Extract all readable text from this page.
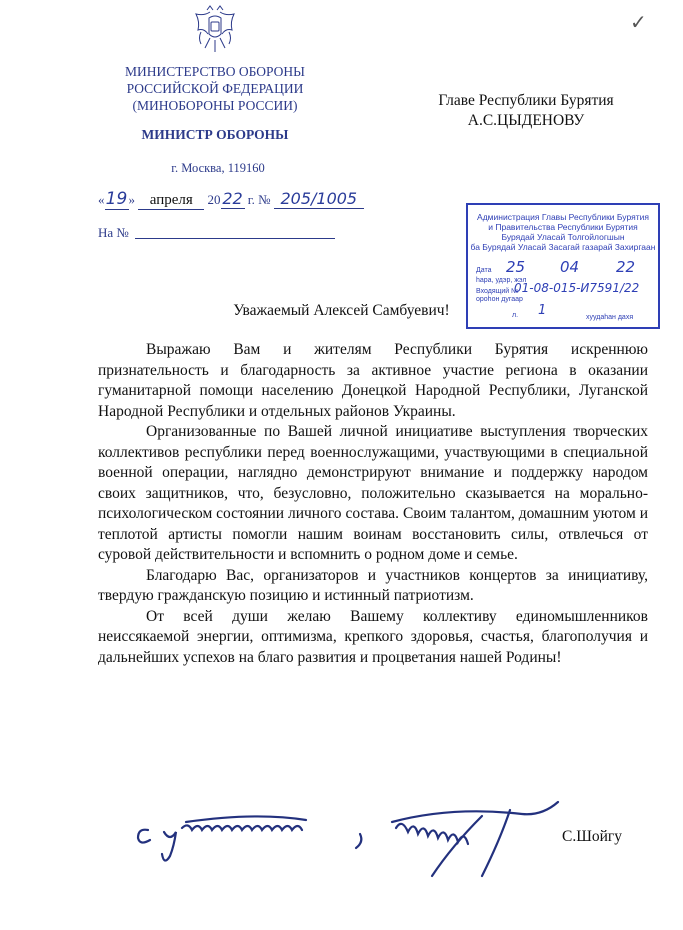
МИНИСТЕРСТВО ОБОРОНЫ
РОССИЙСКОЙ ФЕДЕРАЦИИ
(МИНОБОРОНЫ РОССИИ)
МИНИСТР ОБОРОНЫ
г. Москва, 119160
«19» апреля 20 22 г. № 205/1005
На №
Главе Республики Бурятия
А.С.ЦЫДЕНОВУ
Администрация Главы Республики Бурятия
и Правительства Республики Бурятия
Бурядай Уласай Толгойлогшын
ба Бурядай Уласай Засагай газарай Захиргаан
Дата 25 04 22
һара, удэр, жэл
Входящий №
ороһон дугаар
01-08-015-И7591/22
л. 1	хуудаһан дахя
Уважаемый Алексей Самбуевич!

Выражаю Вам и жителям Республики Бурятия искреннюю признательность и благодарность за активное участие региона в оказании гуманитарной помощи населению Донецкой Народной Республики, Луганской Народной Республики и отдельных районов Украины.

Организованные по Вашей личной инициативе выступления творческих коллективов республики перед военнослужащими, участвующими в специальной военной операции, наглядно демонстрируют внимание и поддержку народом своих защитников, что, безусловно, положительно сказывается на морально-психологическом состоянии личного состава. Своим талантом, домашним уютом и теплотой артисты помогли нашим воинам восстановить силы, отвлечься от суровой действительности и вспомнить о родном доме и семье.

Благодарю Вас, организаторов и участников концертов за инициативу, твердую гражданскую позицию и истинный патриотизм.

От всей души желаю Вашему коллективу единомышленников неиссякаемой энергии, оптимизма, крепкого здоровья, счастья, благополучия и дальнейших успехов на благо развития и процветания нашей Родины!

С.Шойгу
✓
